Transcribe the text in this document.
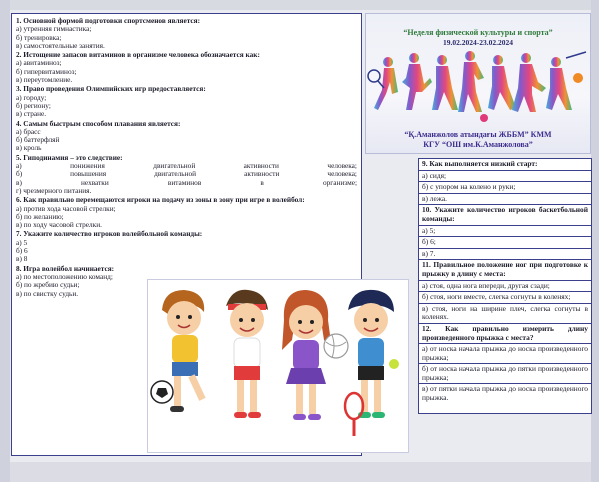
1. Основной формой подготовки спортсменов является:
а) утренняя гимнастика;
б) тренировка;
в) самостоятельные занятия.
2. Истощение запасов витаминов в организме человека обозначается как:
а) авитаминоз;
б) гипервитаминоз;
в) переутомление.
3. Право проведения Олимпийских игр предоставляется:
а) городу;
б) региону;
в) стране.
4. Самым быстрым способом плавания является:
а) брасс
б) баттерфляй
в) кроль
5. Гиподинамия – это следствие:
а)	понижения	двигательной	активности	человека;
б)	повышения	двигательной	активности	человека;
в)	нехватки	витаминов	в	организме;
г) чрезмерного питания.
6. Как правильно перемещаются игроки на подачу из зоны в зону при игре в волейбол:
а) против хода часовой стрелки;
б) по желанию;
в) по ходу часовой стрелки.
7. Укажите количество игроков волейбольной команды:
а) 5
б) 6
в) 8
8. Игра волейбол начинается:
а) по местоположению команд;
б) по жребию судьи;
в) по свистку судьи.
“Неделя физической культуры и спорта”
19.02.2024-23.02.2024
“Қ.Аманжолов атындағы ЖББМ” КММ
КГУ “ОШ им.К.Аманжолова”
9. Как выполняется низкий старт:
а) сидя;
б) с упором на колено и руки;
в) лежа.
10. Укажите количество игроков баскетбольной команды:
а) 5;
б) 6;
в) 7.
11. Правильное положение ног при подготовке к прыжку в длину с места:
а) стоя, одна нога впереди, другая сзади;
б) стоя, ноги вместе, слегка согнуты в коленях;
в) стоя, ноги на ширине плеч, слегка согнуты в коленях.
12. Как правильно измерить длину произведенного прыжка с места?
а) от носка начала прыжка до носка произведенного прыжка;
б) от носка начала прыжка до пятки произведенного прыжка;
в) от пятки начала прыжка до носка произведенного прыжка.
